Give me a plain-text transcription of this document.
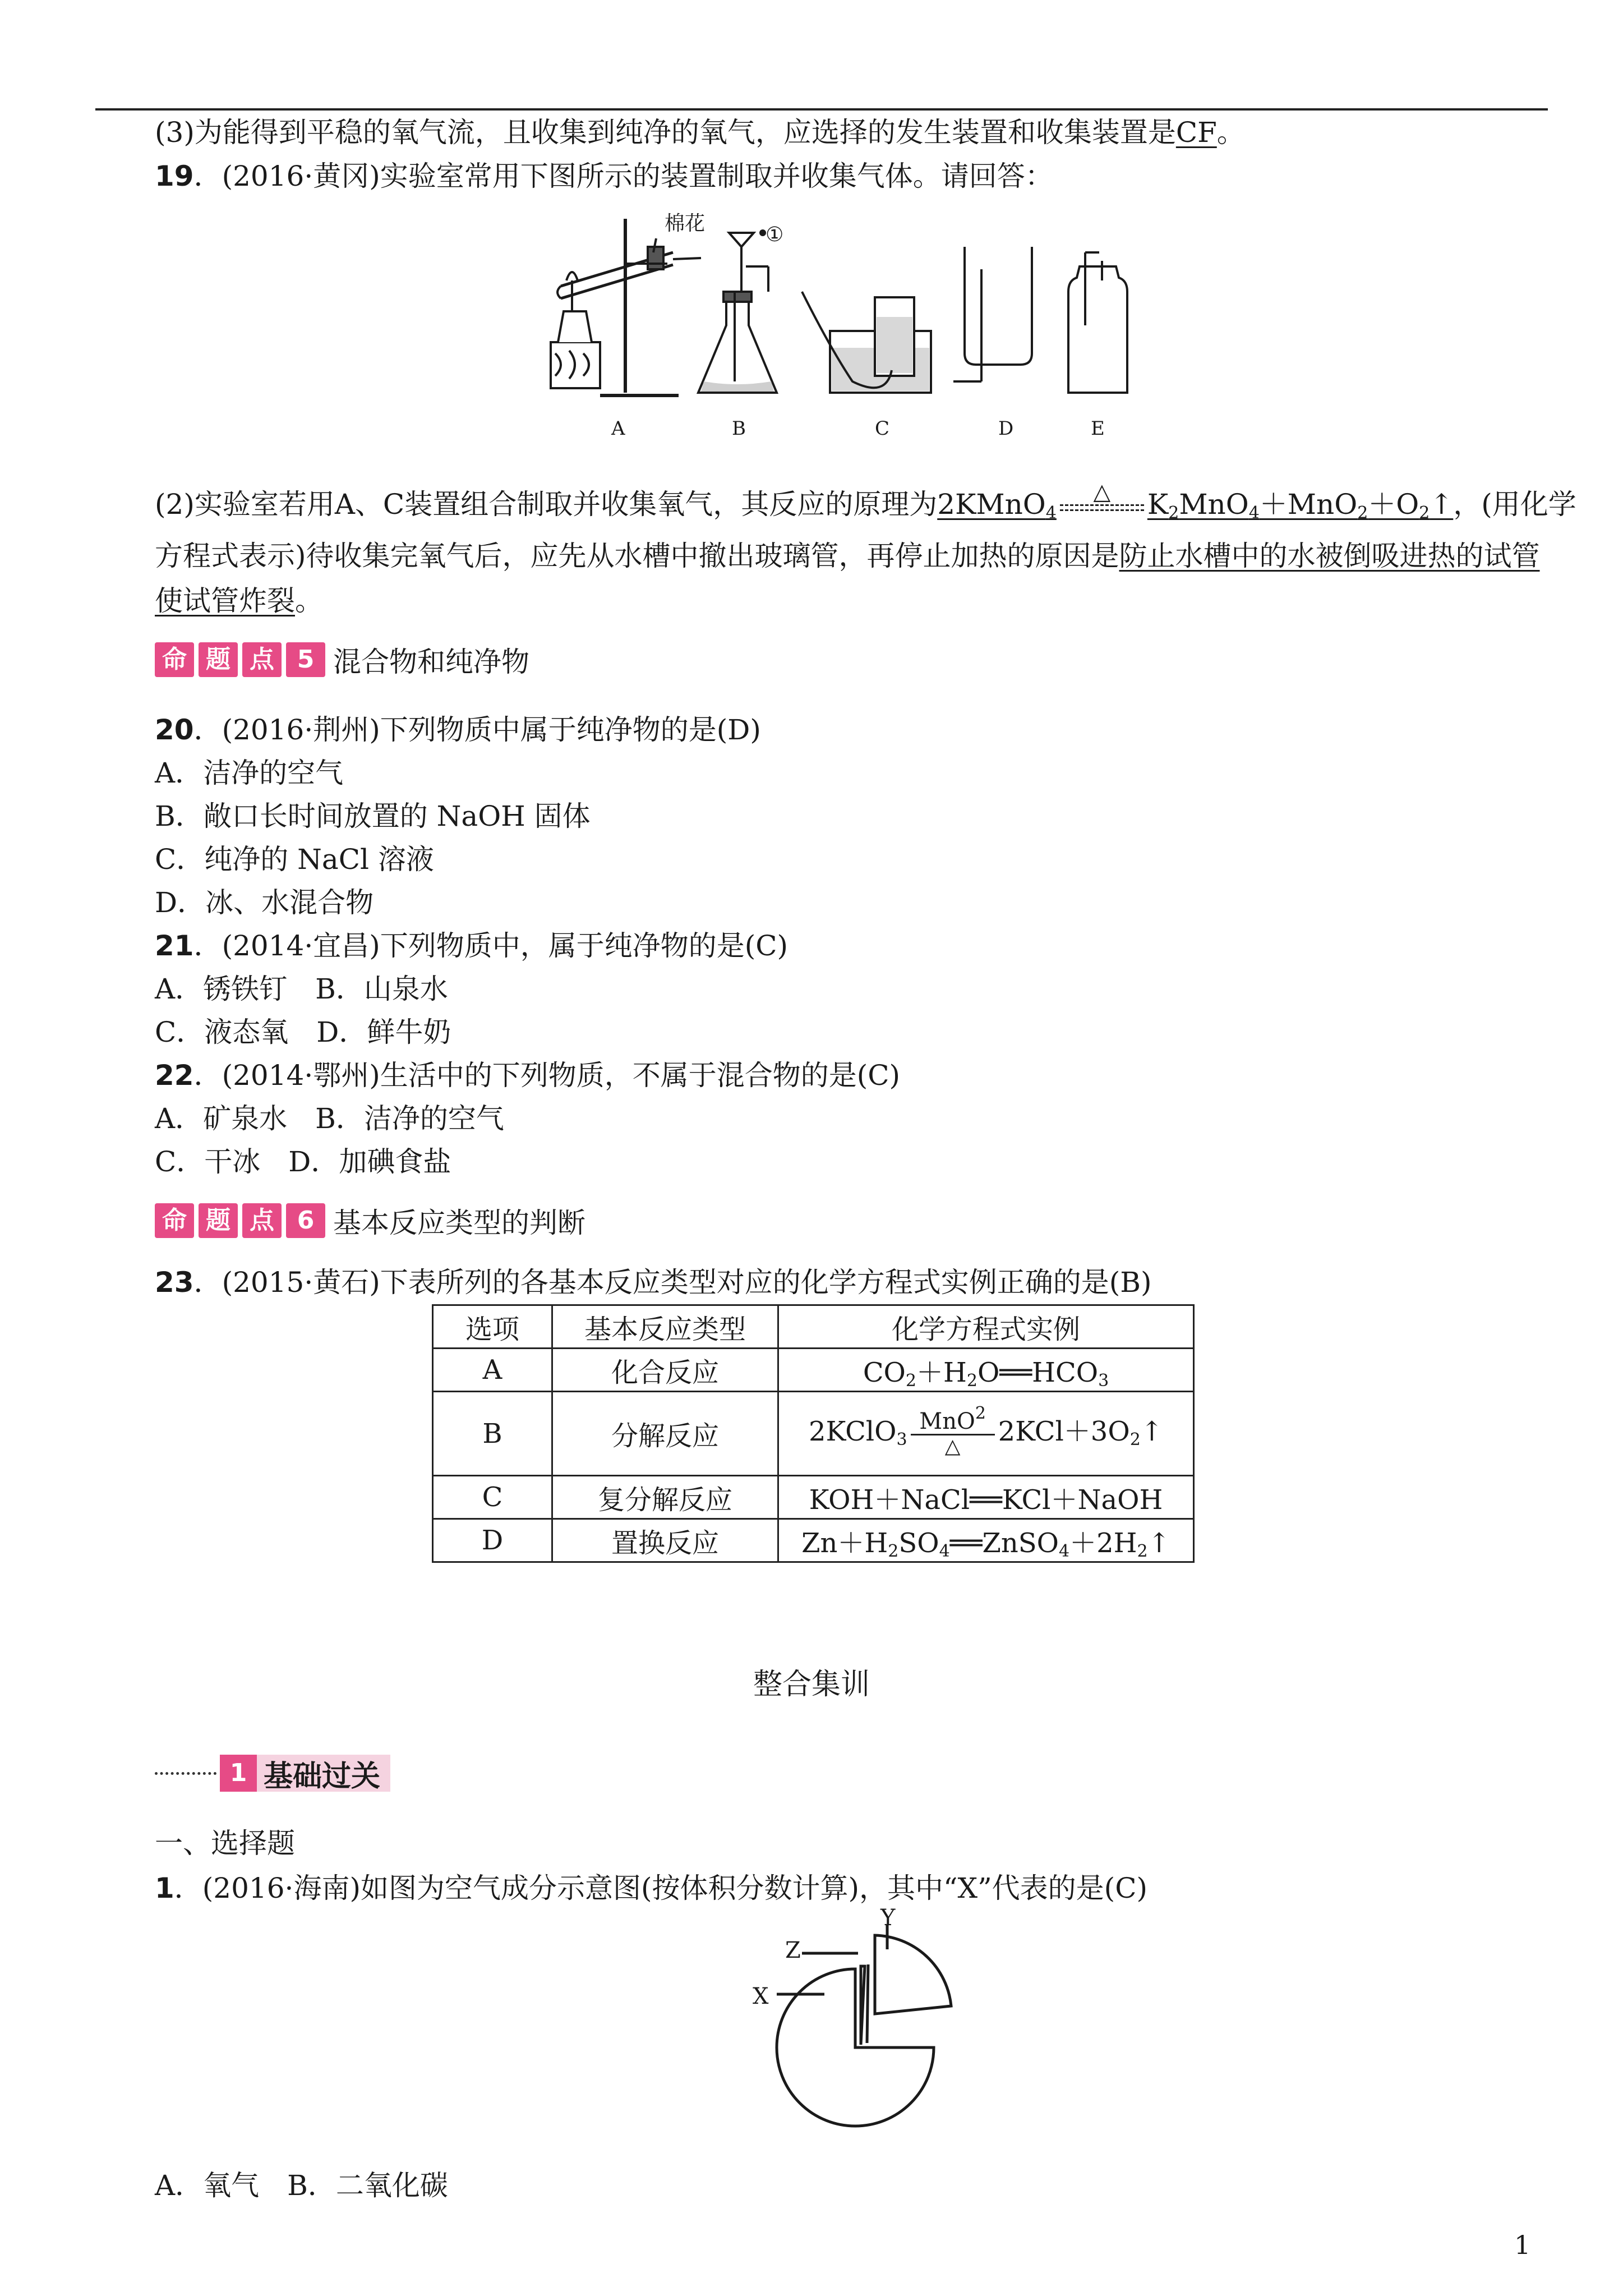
(3)为能得到平稳的氧气流，且收集到纯净的氧气，应选择的发生装置和收集装置是CF。
19．(2016·黄冈)实验室常用下图所示的装置制取并收集气体。请回答：
棉花	①
A	B	C	D	E
(2)实验室若用A、C装置组合制取并收集氧气，其反应的原理为2KMnO$_4$
△
	$K_2MnO_4+MnO_2+O_2↑$，(用化学
方程式表示)待收集完氧气后，应先从水槽中撤出玻璃管，再停止加热的原因是防止水槽中的水被倒吸进热的试管
使试管炸裂。
命 题 点 5 混合物和纯净物
20．(2016·荆州)下列物质中属于纯净物的是(D)
A．洁净的空气
B．敞口长时间放置的 NaOH 固体
C．纯净的 NaCl 溶液
D．冰、水混合物
21．(2014·宜昌)下列物质中，属于纯净物的是(C)
A．锈铁钉　B．山泉水
C．液态氧　D．鲜牛奶
22．(2014·鄂州)生活中的下列物质，不属于混合物的是(C)
A．矿泉水　B．洁净的空气
C．干冰　D．加碘食盐
命 题 点 6 基本反应类型的判断
23．(2015·黄石)下表所列的各基本反应类型对应的化学方程式实例正确的是(B)
选项	基本反应类型	化学方程式实例
A	化合反应	$CO_2+H_2O══HCO_3$
B	分解反应	2KClO$_3$ $\frac{MnO^2}{\triangle}$ $2KCl+3O_2↑$
C	复分解反应	KOH＋NaCl══KCl＋NaOH
D	置换反应	$Zn+H_2SO_4══ZnSO_4+2H_2↑$
整合集训
1 基础过关
一、选择题
1．(2016·海南)如图为空气成分示意图(按体积分数计算)，其中“X”代表的是(C)
X
Z
Y
A．氧气　B．二氧化碳
1
